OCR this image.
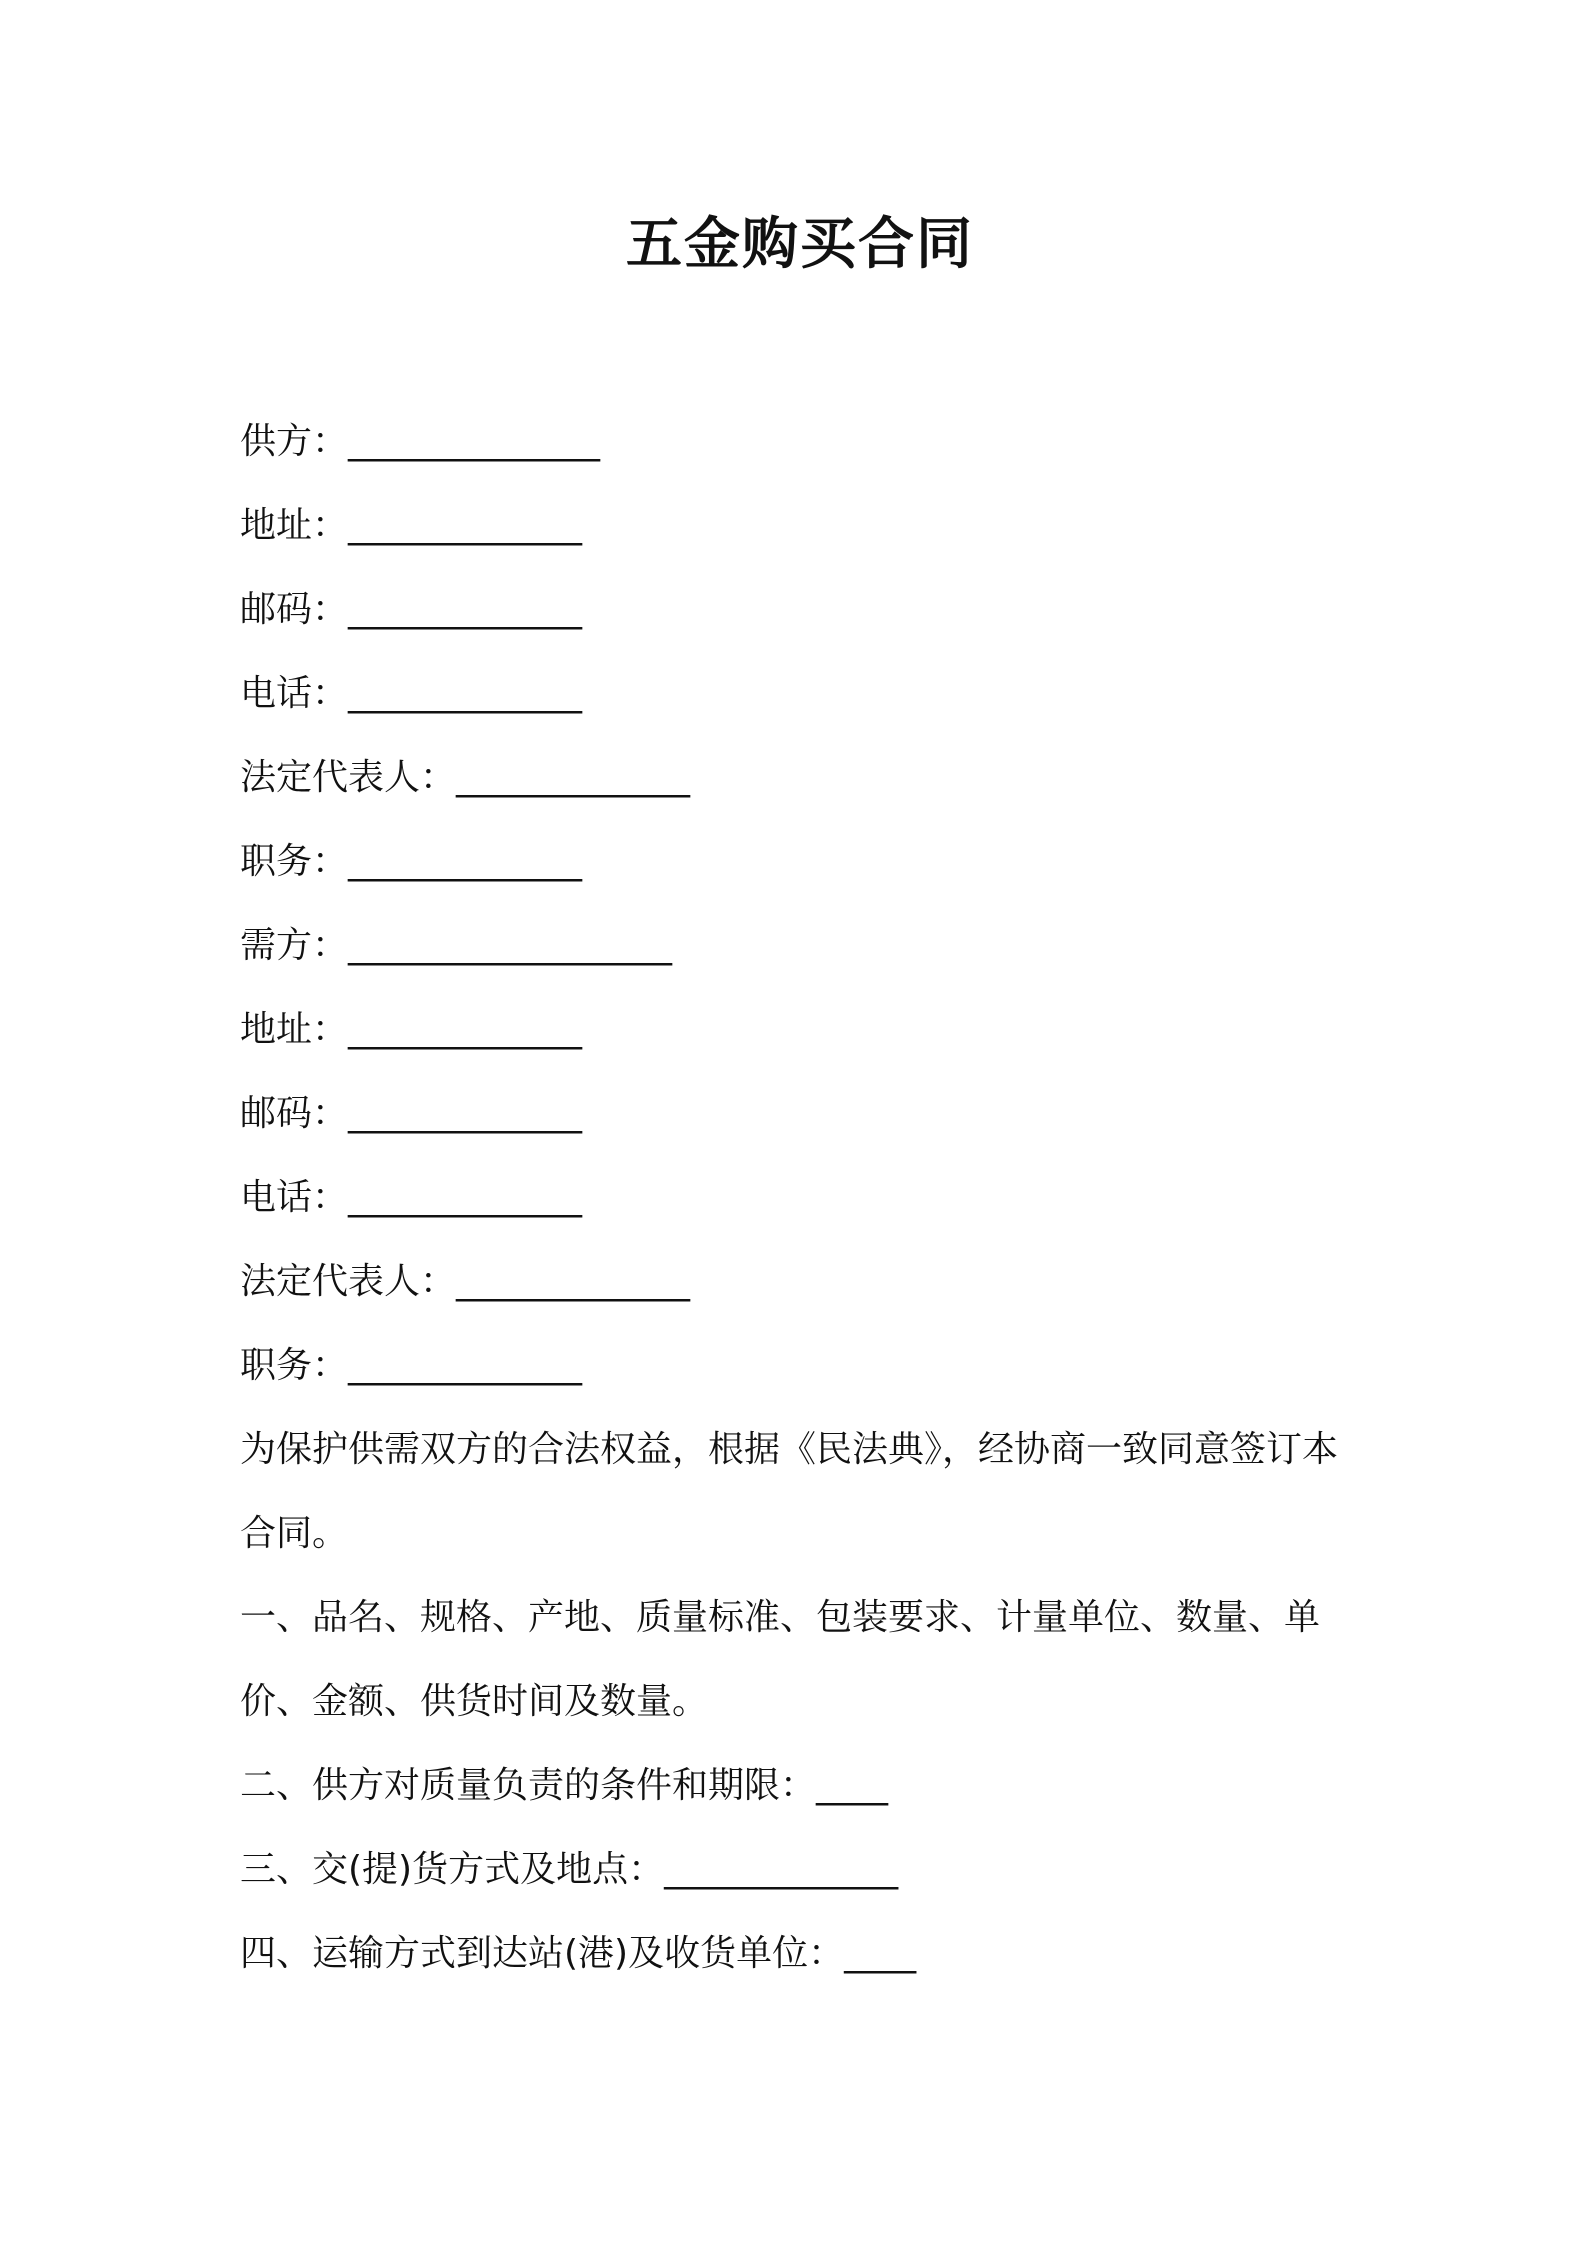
五金购买合同
供方：______________
地址：_____________
邮码：_____________
电话：_____________
法定代表人：_____________
职务：_____________
需方：__________________
地址：_____________
邮码：_____________
电话：_____________
法定代表人：_____________
职务：_____________
为保护供需双方的合法权益，根据《民法典》，经协商一致同意签订本合同。
一、品名、规格、产地、质量标准、包装要求、计量单位、数量、单价、金额、供货时间及数量。
二、供方对质量负责的条件和期限：____
三、交(提)货方式及地点：_____________
四、运输方式到达站(港)及收货单位：____
